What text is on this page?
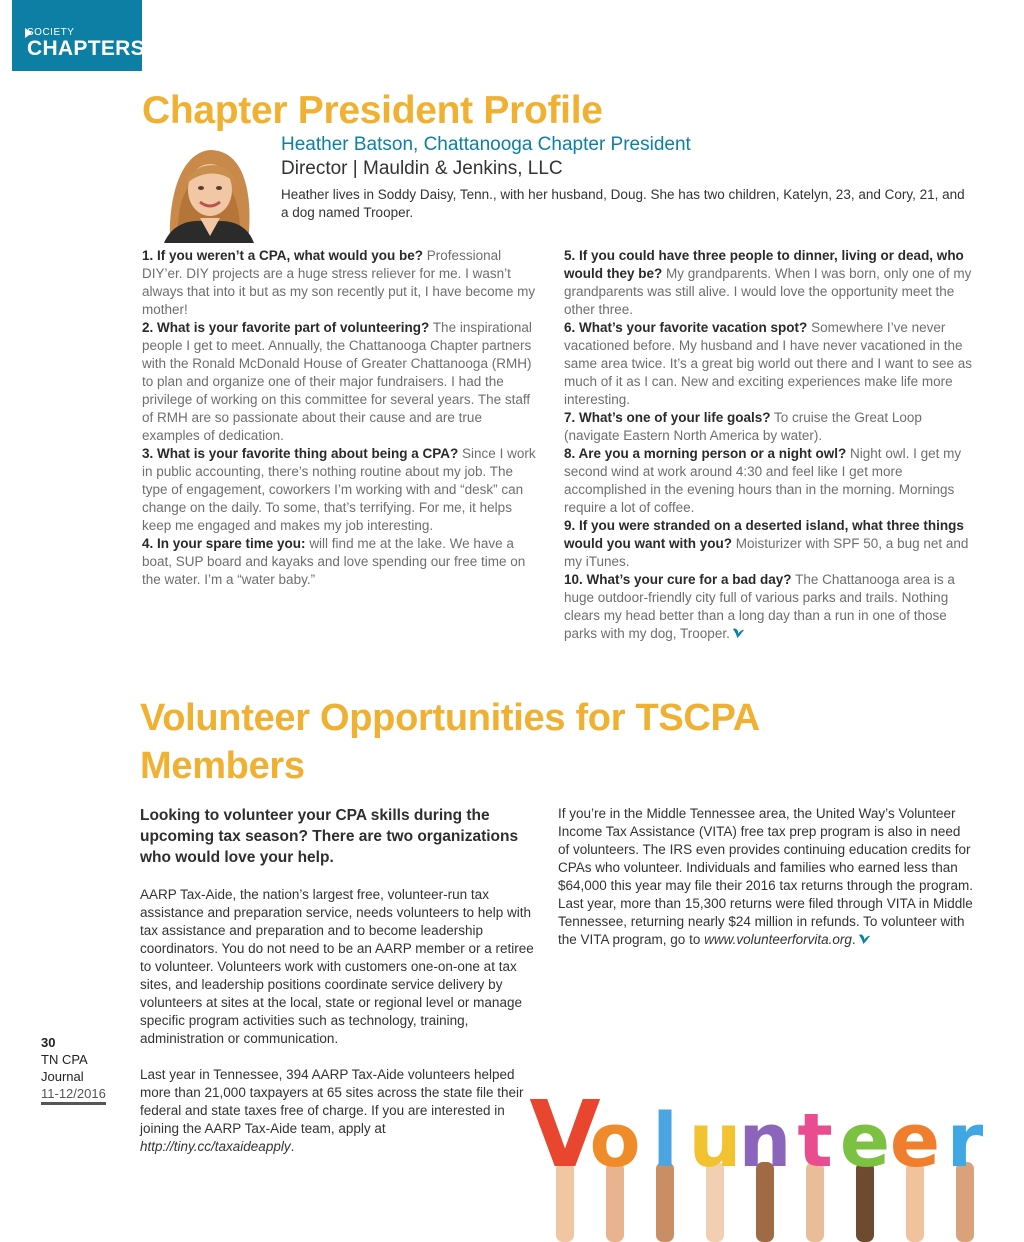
SOCIETY
CHAPTERS
Chapter President Profile
Heather Batson, Chattanooga Chapter President
Director | Mauldin & Jenkins, LLC
Heather lives in Soddy Daisy, Tenn., with her husband, Doug. She has two children, Katelyn, 23, and Cory, 21, and a dog named Trooper.

1. If you weren’t a CPA, what would you be? Professional DIY’er. DIY projects are a huge stress reliever for me. I wasn’t always that into it but as my son recently put it, I have become my mother!

2. What is your favorite part of volunteering? The inspirational people I get to meet. Annually, the Chattanooga Chapter partners with the Ronald McDonald House of Greater Chattanooga (RMH) to plan and organize one of their major fundraisers. I had the privilege of working on this committee for several years. The staff of RMH are so passionate about their cause and are true examples of dedication.

3. What is your favorite thing about being a CPA? Since I work in public accounting, there’s nothing routine about my job. The type of engagement, coworkers I’m working with and “desk” can change on the daily. To some, that’s terrifying. For me, it helps keep me engaged and makes my job interesting.

4. In your spare time you: will find me at the lake. We have a boat, SUP board and kayaks and love spending our free time on the water. I’m a “water baby.”

5. If you could have three people to dinner, living or dead, who would they be? My grandparents. When I was born, only one of my grandparents was still alive. I would love the opportunity meet the other three.

6. What’s your favorite vacation spot? Somewhere I’ve never vacationed before. My husband and I have never vacationed in the same area twice. It’s a great big world out there and I want to see as much of it as I can. New and exciting experiences make life more interesting.

7. What’s one of your life goals? To cruise the Great Loop (navigate Eastern North America by water).

8. Are you a morning person or a night owl? Night owl. I get my second wind at work around 4:30 and feel like I get more accomplished in the evening hours than in the morning. Mornings require a lot of coffee.

9. If you were stranded on a deserted island, what three things would you want with you? Moisturizer with SPF 50, a bug net and my iTunes.

10. What’s your cure for a bad day? The Chattanooga area is a huge outdoor-friendly city full of various parks and trails. Nothing clears my head better than a long day than a run in one of those parks with my dog, Trooper.

Volunteer Opportunities for TSCPA Members
Looking to volunteer your CPA skills during the upcoming tax season? There are two organizations who would love your help.

AARP Tax-Aide, the nation’s largest free, volunteer-run tax assistance and preparation service, needs volunteers to help with tax assistance and preparation and to become leadership coordinators. You do not need to be an AARP member or a retiree to volunteer. Volunteers work with customers one-on-one at tax sites, and leadership positions coordinate service delivery by volunteers at sites at the local, state or regional level or manage specific program activities such as technology, training, administration or communication.

Last year in Tennessee, 394 AARP Tax-Aide volunteers helped more than 21,000 taxpayers at 65 sites across the state file their federal and state taxes free of charge. If you are interested in joining the AARP Tax-Aide team, apply at http://tiny.cc/taxaideapply.

If you’re in the Middle Tennessee area, the United Way’s Volunteer Income Tax Assistance (VITA) free tax prep program is also in need of volunteers. The IRS even provides continuing education credits for CPAs who volunteer. Individuals and families who earned less than $64,000 this year may file their 2016 tax returns through the program. Last year, more than 15,300 returns were filed through VITA in Middle Tennessee, returning nearly $24 million in refunds. To volunteer with the VITA program, go to www.volunteerforvita.org.

30
TN CPA
Journal
11-12/2016	V
o l u
n t e e r
